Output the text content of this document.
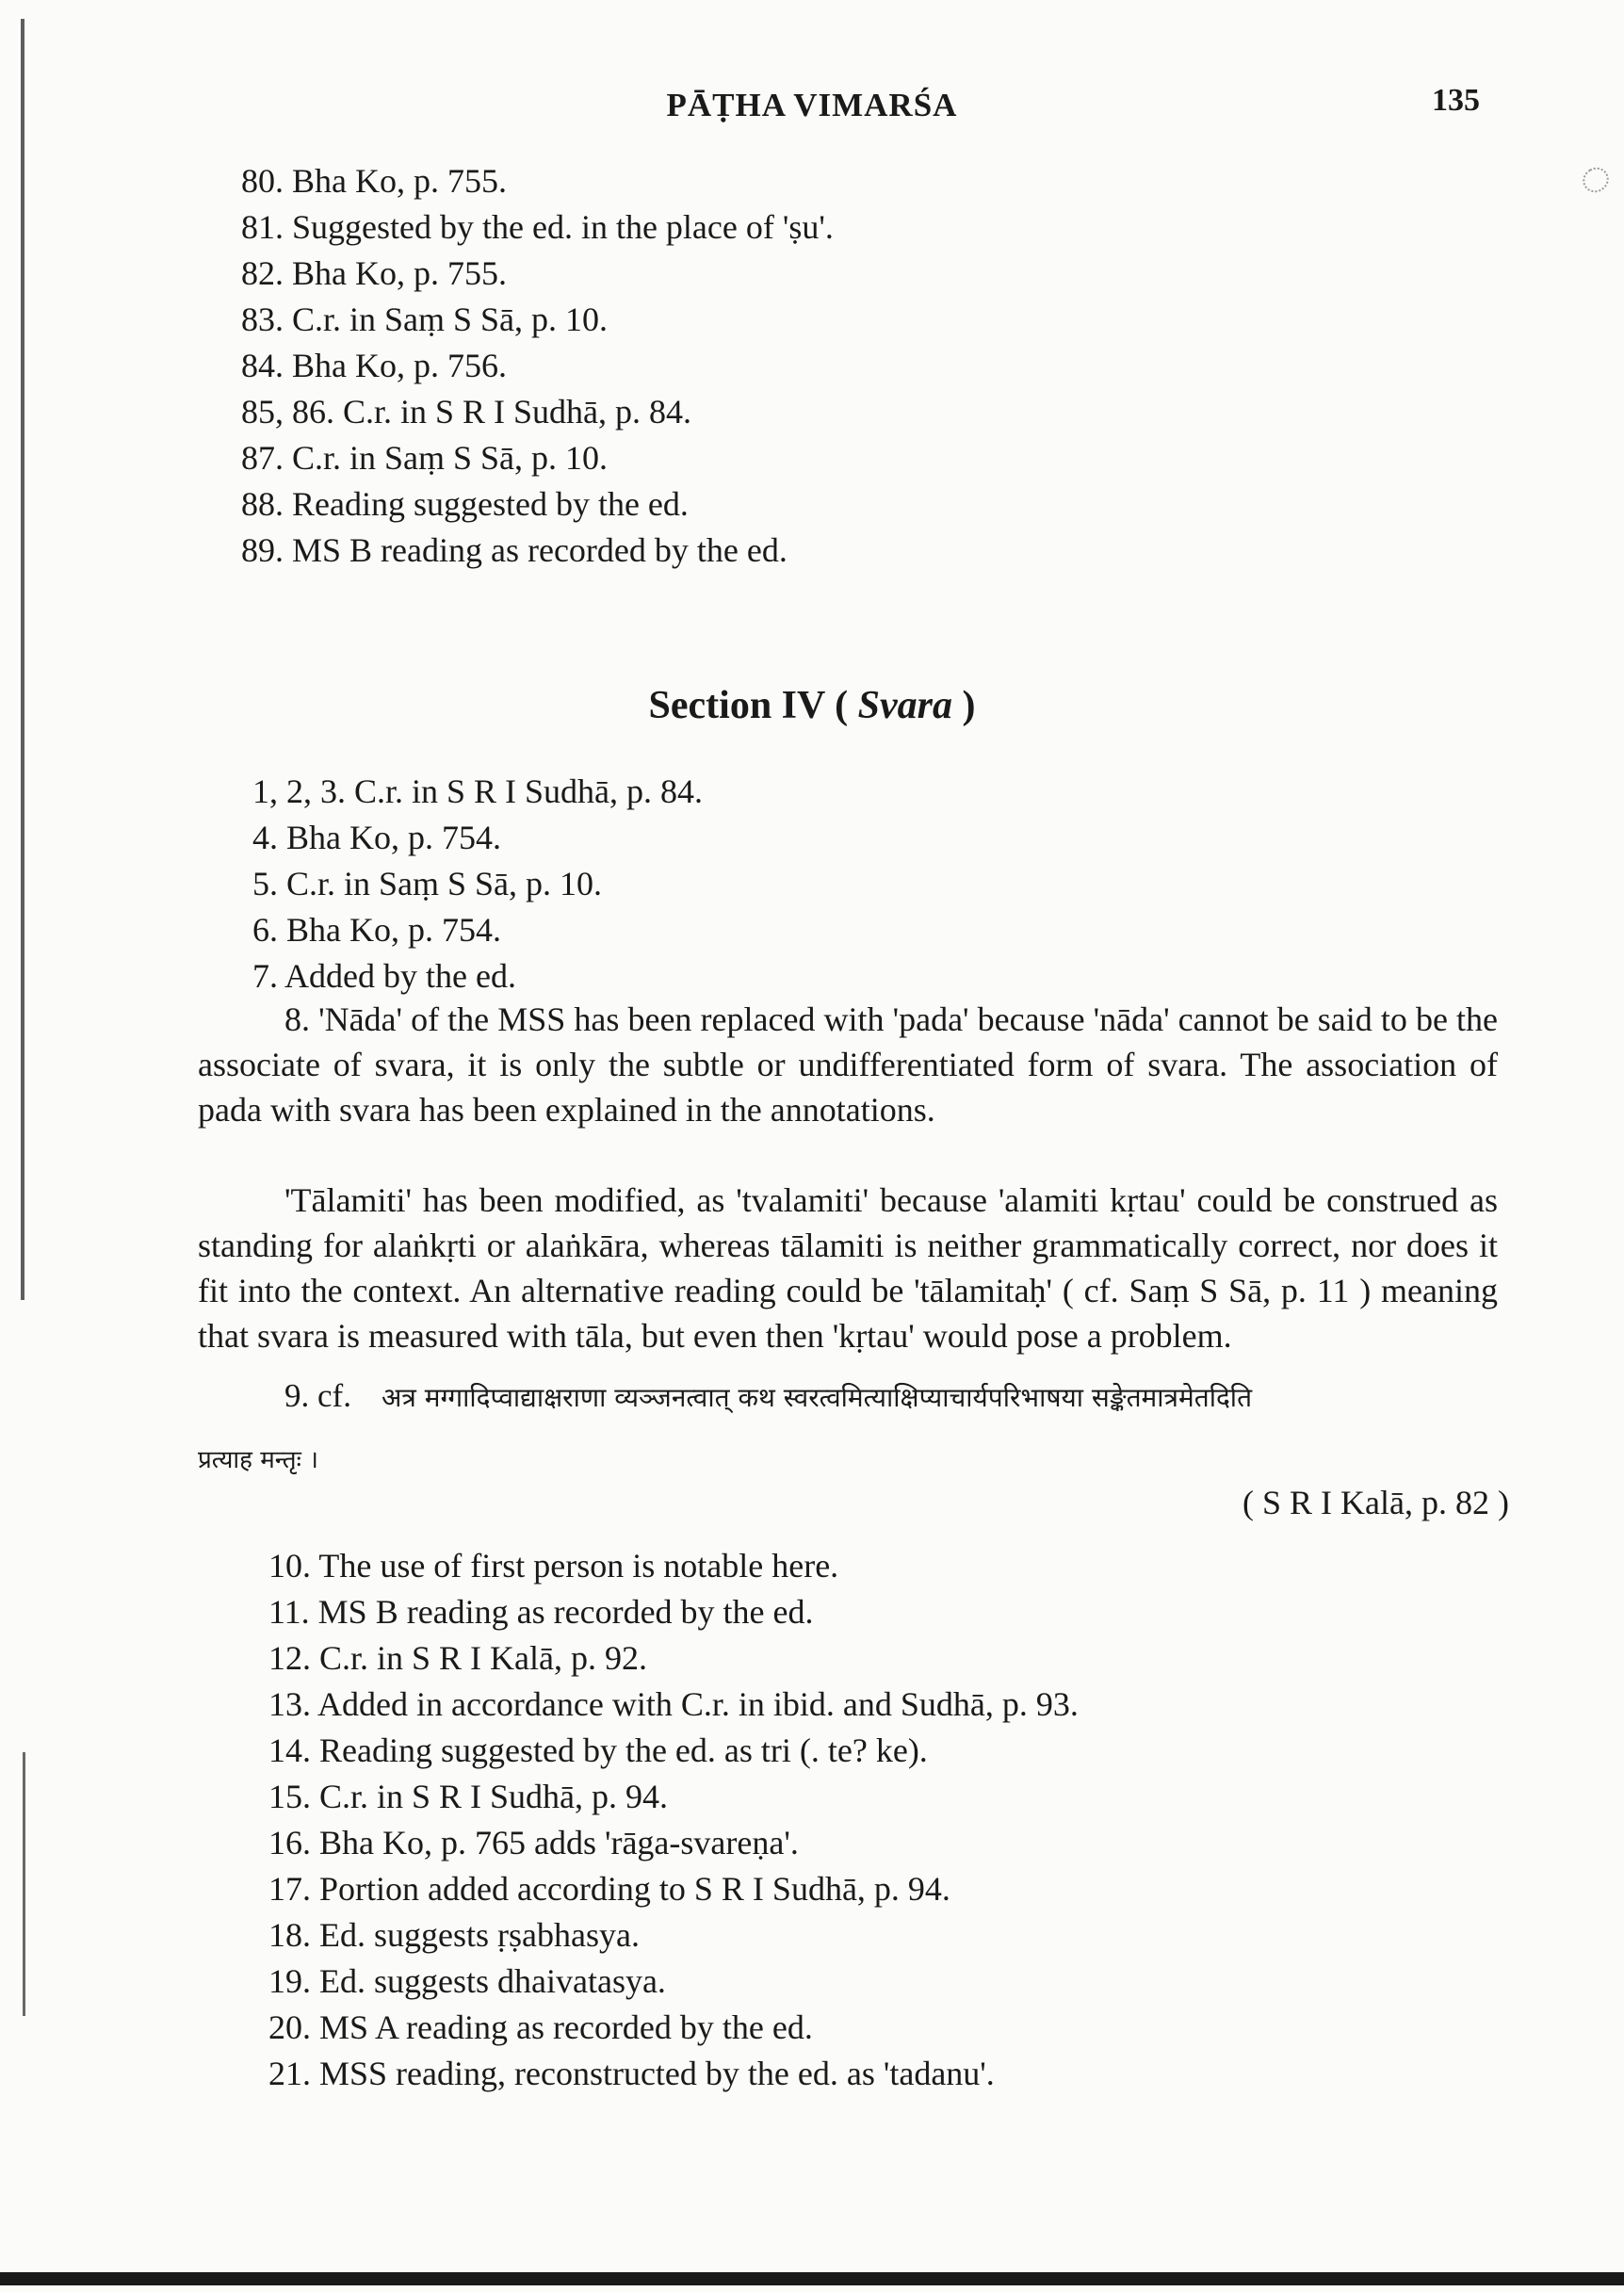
PĀṬHA VIMARŚA	135
80. Bha Ko, p. 755.
81. Suggested by the ed. in the place of 'ṣu'.
82. Bha Ko, p. 755.
83. C.r. in Saṃ S Sā, p. 10.
84. Bha Ko, p. 756.
85, 86. C.r. in S R I Sudhā, p. 84.
87. C.r. in Saṃ S Sā, p. 10.
88. Reading suggested by the ed.
89. MS B reading as recorded by the ed.
Section IV ( Svara )
1, 2, 3. C.r. in S R I Sudhā, p. 84.
4. Bha Ko, p. 754.
5. C.r. in Saṃ S Sā, p. 10.
6. Bha Ko, p. 754.
7. Added by the ed.
8. 'Nāda' of the MSS has been replaced with 'pada' because 'nāda' cannot be said to be the associate of svara, it is only the subtle or undifferentiated form of svara. The association of pada with svara has been explained in the annotations.
'Tālamiti' has been modified, as 'tvalamiti' because 'alamiti kṛtau' could be construed as standing for alaṅkṛti or alaṅkāra, whereas tālamiti is neither grammatically correct, nor does it fit into the context. An alternative reading could be 'tālamitaḥ' ( cf. Saṃ S Sā, p. 11 ) meaning that svara is measured with tāla, but even then 'kṛtau' would pose a problem.
9. cf. अत्र मग्गादिप्वाद्याक्षराणा व्यञ्जनत्वात् कथ स्वरत्वमित्याक्षिप्याचार्यपरिभाषया सङ्केतमात्रमेतदिति
प्रत्याह मन्तृः ।
( S R I Kalā, p. 82 )
10. The use of first person is notable here.
11. MS B reading as recorded by the ed.
12. C.r. in S R I Kalā, p. 92.
13. Added in accordance with C.r. in ibid. and Sudhā, p. 93.
14. Reading suggested by the ed. as tri (. te? ke).
15. C.r. in S R I Sudhā, p. 94.
16. Bha Ko, p. 765 adds 'rāga-svareṇa'.
17. Portion added according to S R I Sudhā, p. 94.
18. Ed. suggests ṛṣabhasya.
19. Ed. suggests dhaivatasya.
20. MS A reading as recorded by the ed.
21. MSS reading, reconstructed by the ed. as 'tadanu'.
